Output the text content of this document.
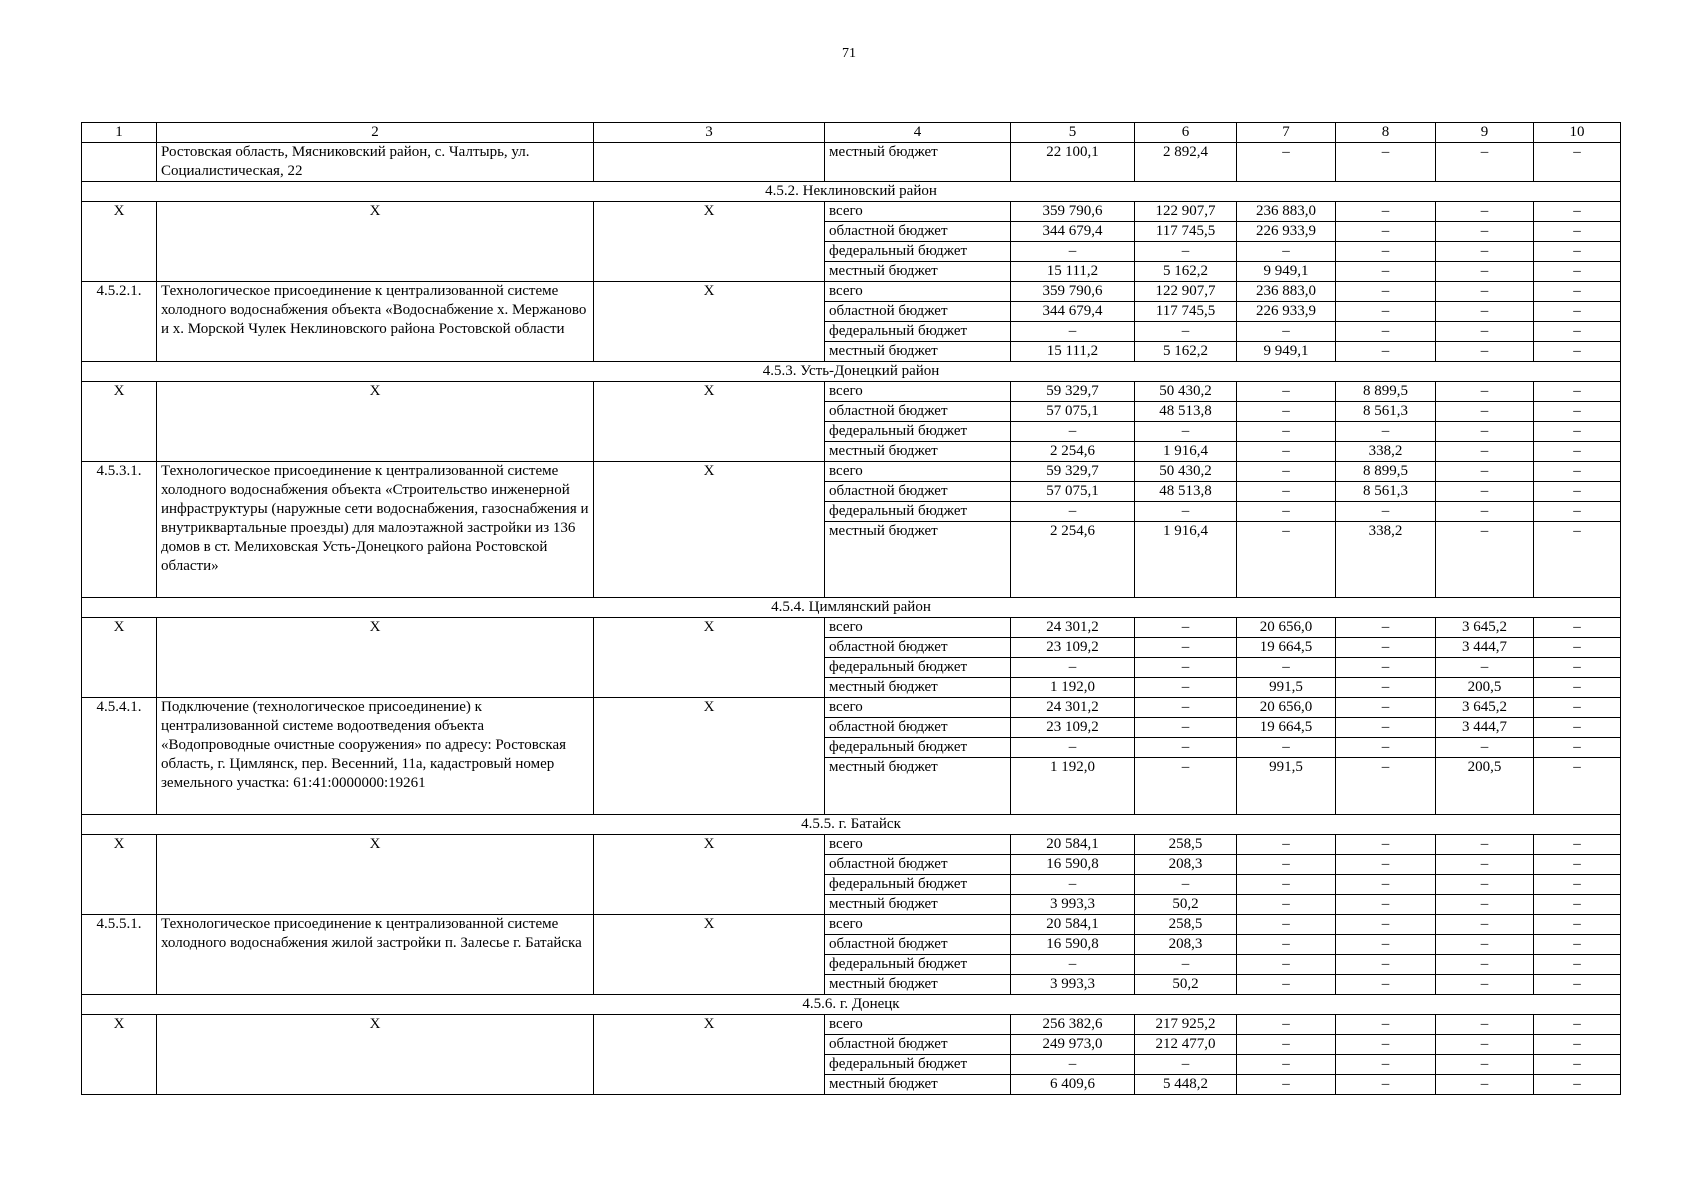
71
1	2	3	4	5	6	7	8	9	10
	Ростовская область, Мясниковский район, с. Чалтырь, ул. Социалистическая, 22		местный бюджет	22 100,1	2 892,4	–	–	–	–
4.5.2. Неклиновский район									
Х	Х	Х	всего	359 790,6	122 907,7	236 883,0	–	–	–
			областной бюджет	344 679,4	117 745,5	226 933,9	–	–	–
			федеральный бюджет	–	–	–	–	–	–
			местный бюджет	15 111,2	5 162,2	9 949,1	–	–	–
4.5.2.1.	Технологическое присоединение к централизованной системе холодного водоснабжения объекта «Водоснабжение х. Мержаново и х. Морской Чулек Неклиновского района Ростовской области	Х	всего	359 790,6	122 907,7	236 883,0	–	–	–
			областной бюджет	344 679,4	117 745,5	226 933,9	–	–	–
			федеральный бюджет	–	–	–	–	–	–
			местный бюджет	15 111,2	5 162,2	9 949,1	–	–	–
4.5.3. Усть-Донецкий район									
Х	Х	Х	всего	59 329,7	50 430,2	–	8 899,5	–	–
			областной бюджет	57 075,1	48 513,8	–	8 561,3	–	–
			федеральный бюджет	–	–	–	–	–	–
			местный бюджет	2 254,6	1 916,4	–	338,2	–	–
4.5.3.1.	Технологическое присоединение к централизованной системе холодного водоснабжения объекта «Строительство инженерной инфраструктуры (наружные сети водоснабжения, газоснабжения и внутриквартальные проезды) для малоэтажной застройки из 136 домов в ст. Мелиховская Усть-Донецкого района Ростовской области»	Х	всего	59 329,7	50 430,2	–	8 899,5	–	–
			областной бюджет	57 075,1	48 513,8	–	8 561,3	–	–
			федеральный бюджет	–	–	–	–	–	–
			местный бюджет	2 254,6	1 916,4	–	338,2	–	–
4.5.4. Цимлянский район									
Х	Х	Х	всего	24 301,2	–	20 656,0	–	3 645,2	–
			областной бюджет	23 109,2	–	19 664,5	–	3 444,7	–
			федеральный бюджет	–	–	–	–	–	–
			местный бюджет	1 192,0	–	991,5	–	200,5	–
4.5.4.1.	Подключение (технологическое присоединение) к централизованной системе водоотведения объекта «Водопроводные очистные сооружения» по адресу: Ростовская область, г. Цимлянск, пер. Весенний, 11а, кадастровый номер земельного участка: 61:41:0000000:19261	Х	всего	24 301,2	–	20 656,0	–	3 645,2	–
			областной бюджет	23 109,2	–	19 664,5	–	3 444,7	–
			федеральный бюджет	–	–	–	–	–	–
			местный бюджет	1 192,0	–	991,5	–	200,5	–
4.5.5. г. Батайск									
Х	Х	Х	всего	20 584,1	258,5	–	–	–	–
			областной бюджет	16 590,8	208,3	–	–	–	–
			федеральный бюджет	–	–	–	–	–	–
			местный бюджет	3 993,3	50,2	–	–	–	–
4.5.5.1.	Технологическое присоединение к централизованной системе холодного водоснабжения жилой застройки п. Залесье г. Батайска	Х	всего	20 584,1	258,5	–	–	–	–
			областной бюджет	16 590,8	208,3	–	–	–	–
			федеральный бюджет	–	–	–	–	–	–
			местный бюджет	3 993,3	50,2	–	–	–	–
4.5.6. г. Донецк									
Х	Х	Х	всего	256 382,6	217 925,2	–	–	–	–
			областной бюджет	249 973,0	212 477,0	–	–	–	–
			федеральный бюджет	–	–	–	–	–	–
			местный бюджет	6 409,6	5 448,2	–	–	–	–
